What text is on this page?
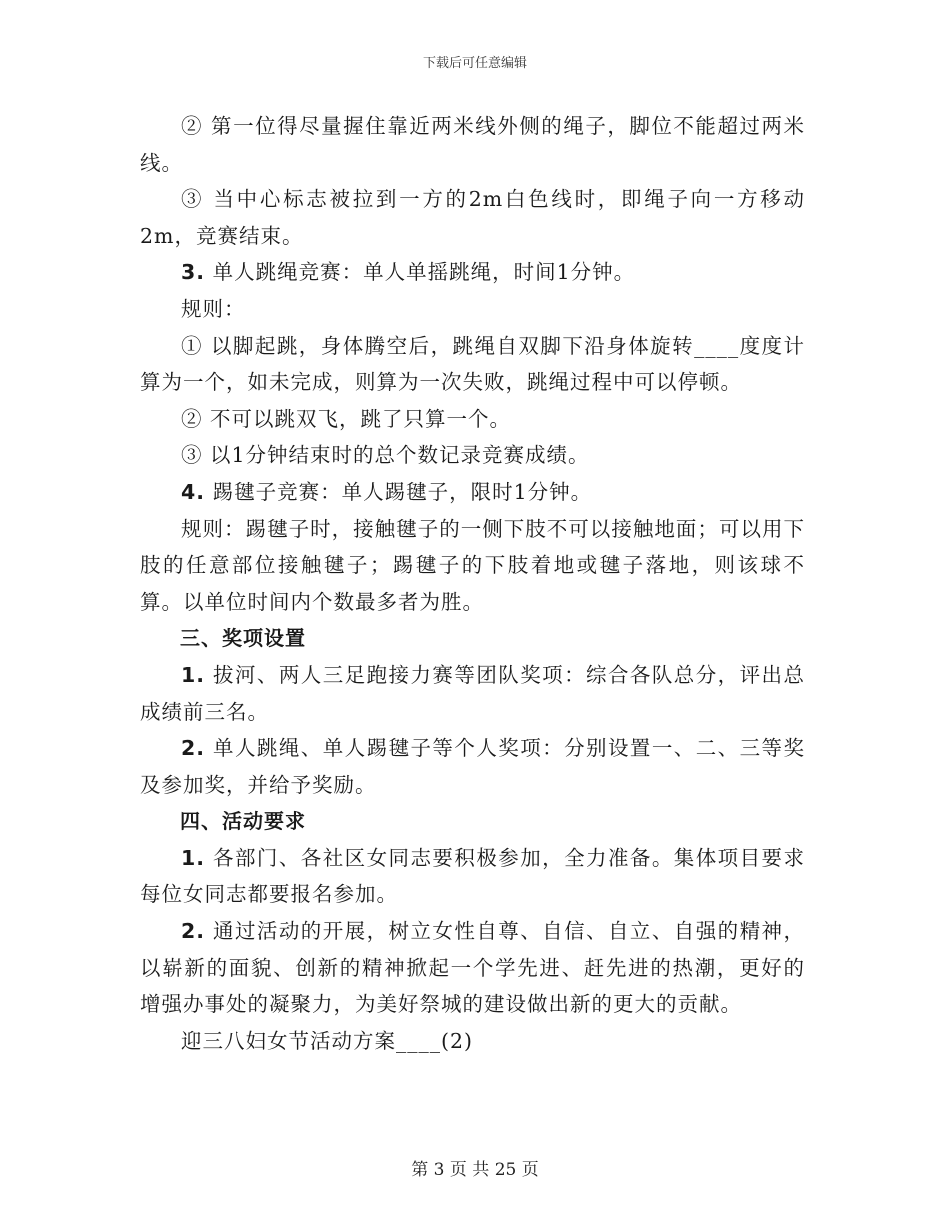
下载后可任意编辑

② 第一位得尽量握住靠近两米线外侧的绳子，脚位不能超过两米线。

③ 当中心标志被拉到一方的2m白色线时，即绳子向一方移动2m，竞赛结束。

3. 单人跳绳竞赛：单人单摇跳绳，时间1分钟。

规则：

① 以脚起跳，身体腾空后，跳绳自双脚下沿身体旋转____度度计算为一个，如未完成，则算为一次失败，跳绳过程中可以停顿。

② 不可以跳双飞，跳了只算一个。

③ 以1分钟结束时的总个数记录竞赛成绩。

4. 踢毽子竞赛：单人踢毽子，限时1分钟。

规则：踢毽子时，接触毽子的一侧下肢不可以接触地面；可以用下肢的任意部位接触毽子；踢毽子的下肢着地或毽子落地，则该球不算。以单位时间内个数最多者为胜。

三、奖项设置

1. 拔河、两人三足跑接力赛等团队奖项：综合各队总分，评出总成绩前三名。

2. 单人跳绳、单人踢毽子等个人奖项：分别设置一、二、三等奖及参加奖，并给予奖励。

四、活动要求

1. 各部门、各社区女同志要积极参加，全力准备。集体项目要求每位女同志都要报名参加。

2. 通过活动的开展，树立女性自尊、自信、自立、自强的精神，以崭新的面貌、创新的精神掀起一个学先进、赶先进的热潮，更好的增强办事处的凝聚力，为美好祭城的建设做出新的更大的贡献。

迎三八妇女节活动方案____(2)

第 3 页 共 25 页
